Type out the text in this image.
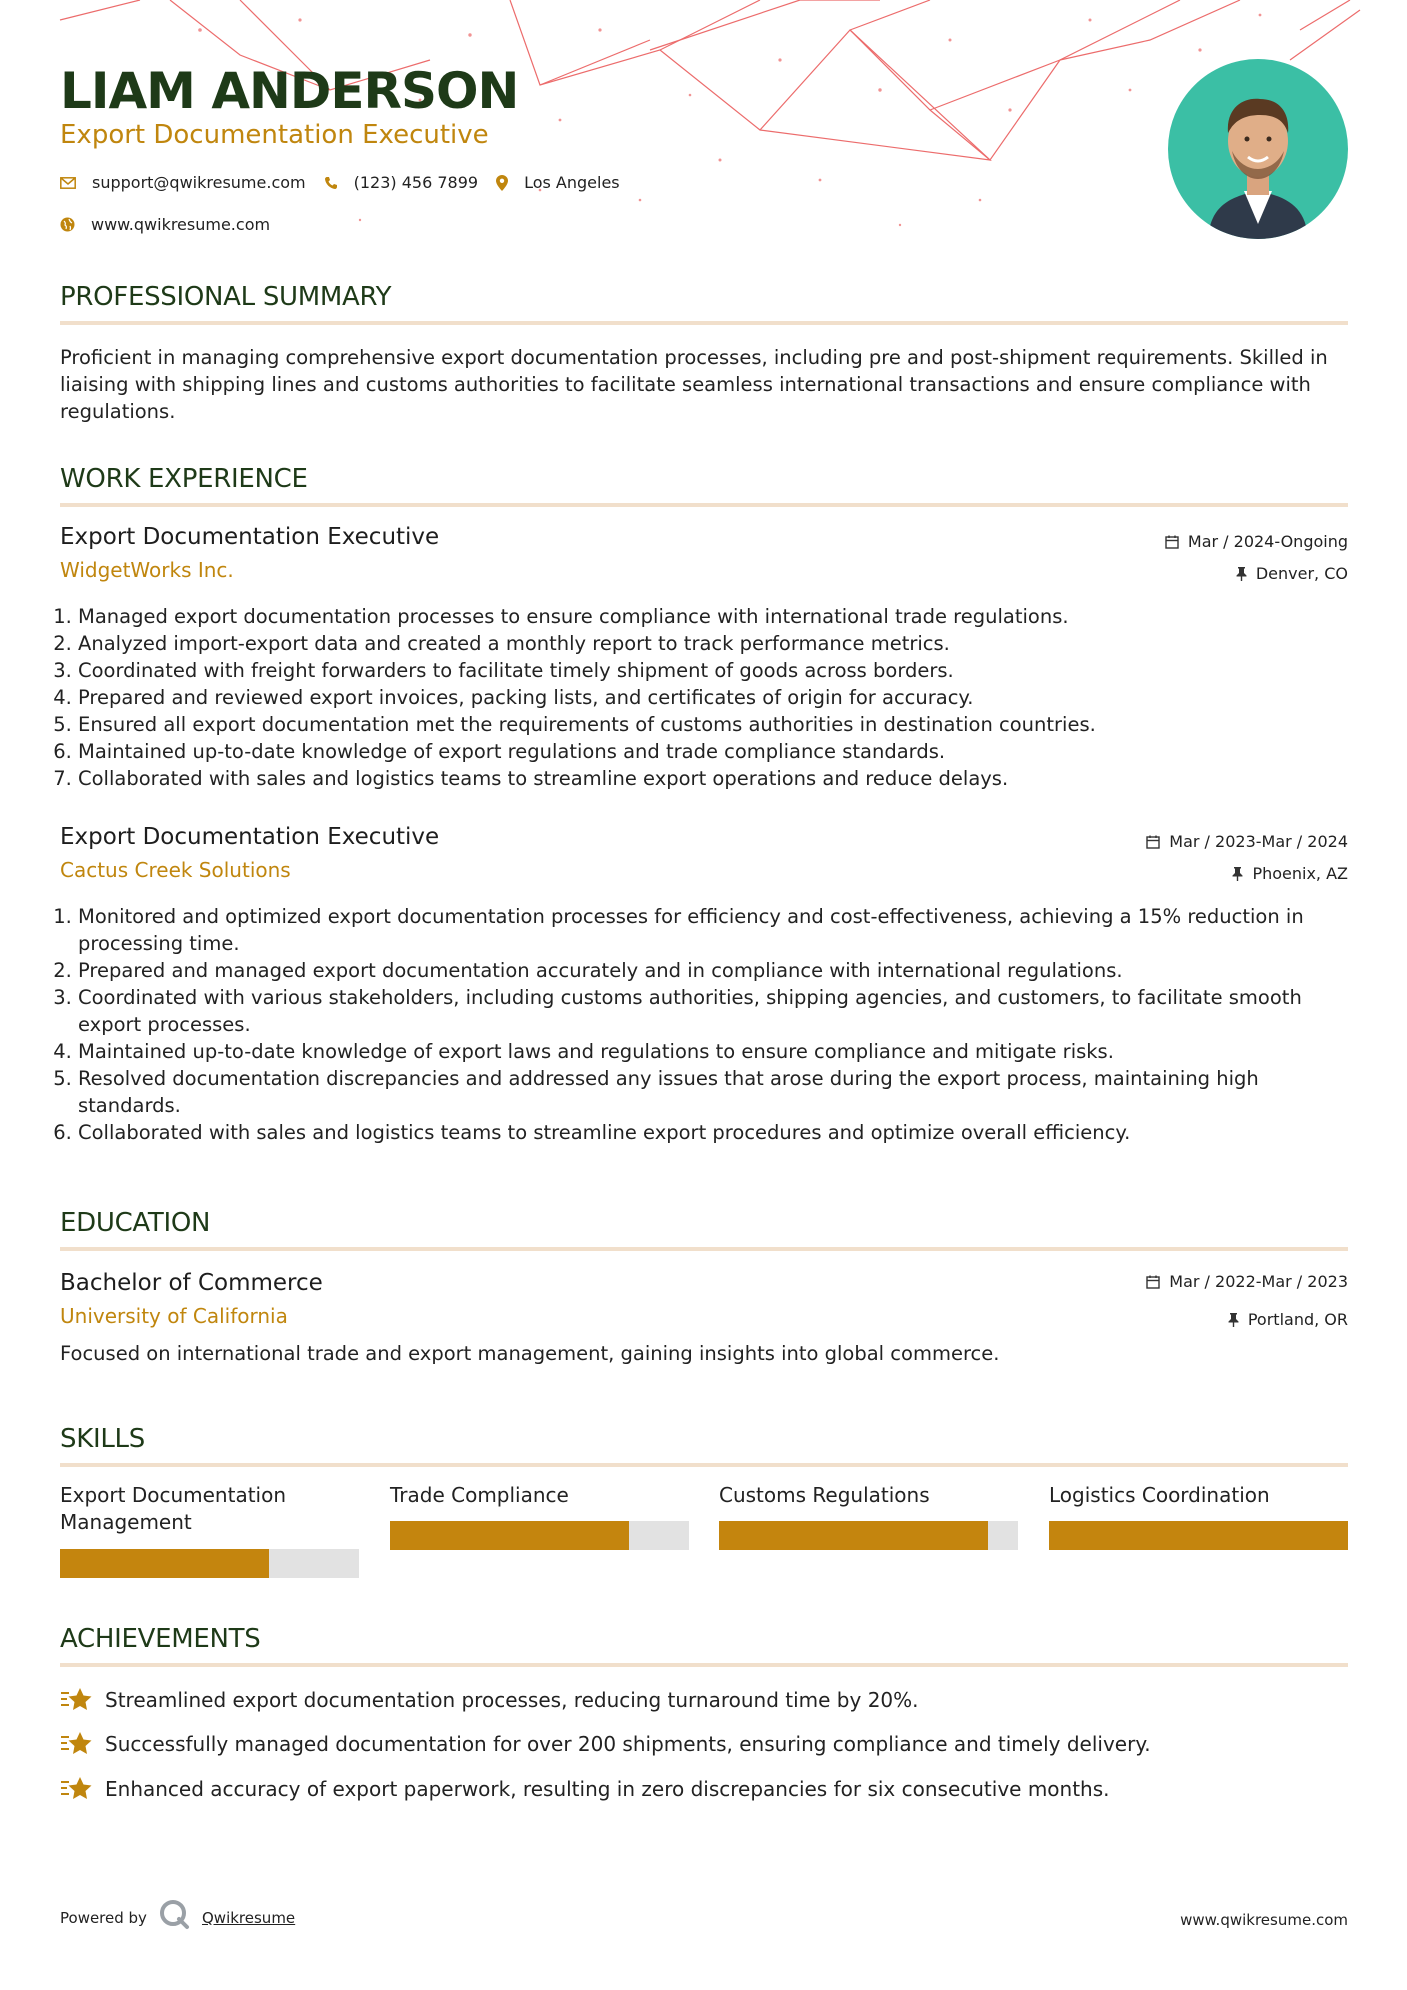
LIAM ANDERSON
Export Documentation Executive
support@qwikresume.com	(123) 456 7899	Los Angeles
www.qwikresume.com
PROFESSIONAL SUMMARY

Proficient in managing comprehensive export documentation processes, including pre and post-shipment requirements. Skilled in liaising with shipping lines and customs authorities to facilitate seamless international transactions and ensure compliance with regulations.

WORK EXPERIENCE
Export Documentation Executive
WidgetWorks Inc.
Mar / 2024-Ongoing
Denver, CO
1. Managed export documentation processes to ensure compliance with international trade regulations.
2. Analyzed import-export data and created a monthly report to track performance metrics.
3. Coordinated with freight forwarders to facilitate timely shipment of goods across borders.
4. Prepared and reviewed export invoices, packing lists, and certificates of origin for accuracy.
5. Ensured all export documentation met the requirements of customs authorities in destination countries.
6. Maintained up-to-date knowledge of export regulations and trade compliance standards.
7. Collaborated with sales and logistics teams to streamline export operations and reduce delays.
Export Documentation Executive
Cactus Creek Solutions
Mar / 2023-Mar / 2024
Phoenix, AZ
1. Monitored and optimized export documentation processes for efficiency and cost-effectiveness, achieving a 15% reduction in processing time.
2. Prepared and managed export documentation accurately and in compliance with international regulations.
3. Coordinated with various stakeholders, including customs authorities, shipping agencies, and customers, to facilitate smooth export processes.
4. Maintained up-to-date knowledge of export laws and regulations to ensure compliance and mitigate risks.
5. Resolved documentation discrepancies and addressed any issues that arose during the export process, maintaining high standards.
6. Collaborated with sales and logistics teams to streamline export procedures and optimize overall efficiency.
EDUCATION
Bachelor of Commerce
University of California
Mar / 2022-Mar / 2023
Portland, OR

Focused on international trade and export management, gaining insights into global commerce.

SKILLS
Export Documentation Management
Trade Compliance	Customs Regulations	Logistics Coordination
ACHIEVEMENTS
Streamlined export documentation processes, reducing turnaround time by 20%.
Successfully managed documentation for over 200 shipments, ensuring compliance and timely delivery.
Enhanced accuracy of export paperwork, resulting in zero discrepancies for six consecutive months.
Powered by	Qwikresume	www.qwikresume.com
